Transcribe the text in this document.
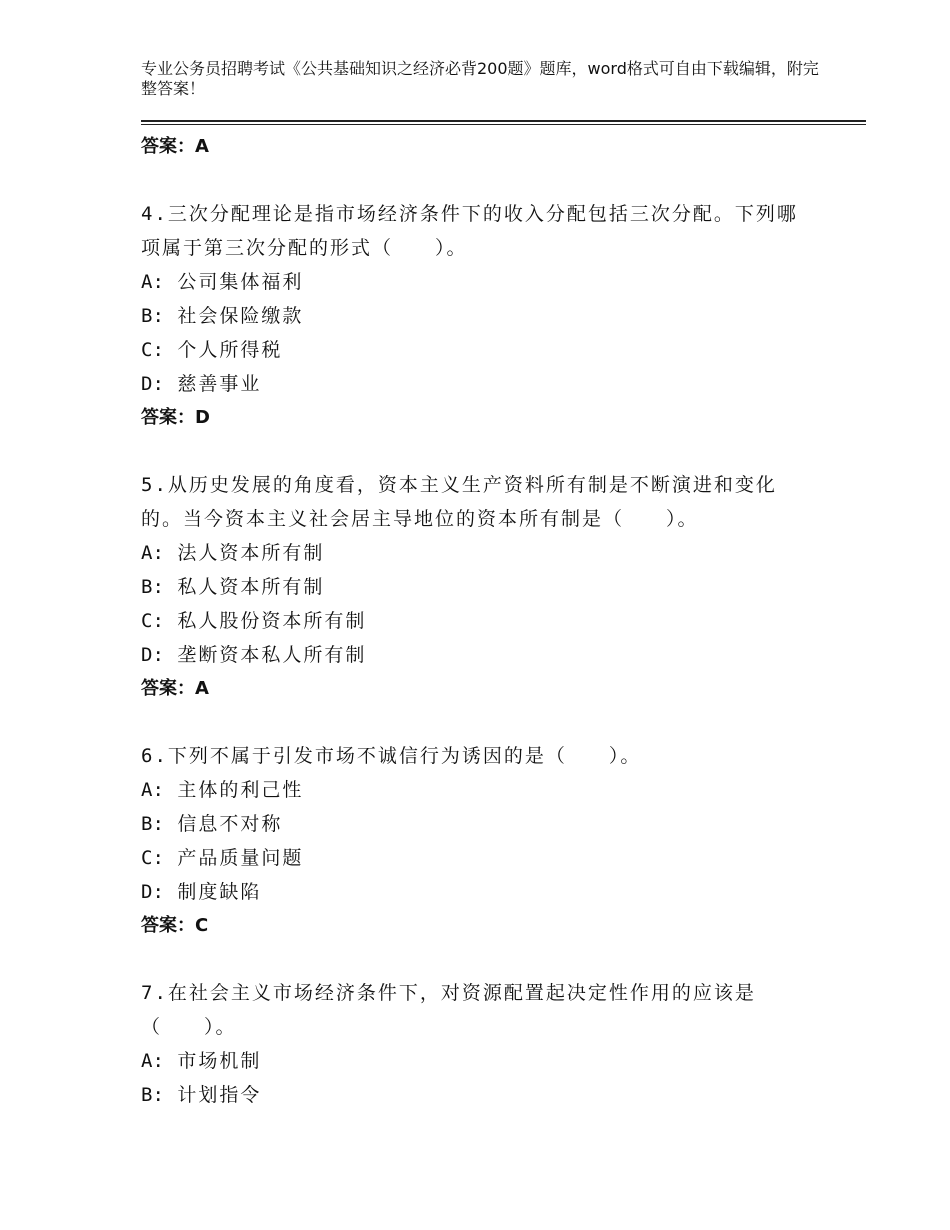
专业公务员招聘考试《公共基础知识之经济必背200题》题库，word格式可自由下载编辑，附完整答案！
答案：A
4.三次分配理论是指市场经济条件下的收入分配包括三次分配。下列哪项属于第三次分配的形式（　　）。
A: 公司集体福利
B: 社会保险缴款
C: 个人所得税
D: 慈善事业
答案：D
5.从历史发展的角度看，资本主义生产资料所有制是不断演进和变化的。当今资本主义社会居主导地位的资本所有制是（　　）。
A: 法人资本所有制
B: 私人资本所有制
C: 私人股份资本所有制
D: 垄断资本私人所有制
答案：A
6.下列不属于引发市场不诚信行为诱因的是（　　）。
A: 主体的利己性
B: 信息不对称
C: 产品质量问题
D: 制度缺陷
答案：C
7.在社会主义市场经济条件下，对资源配置起决定性作用的应该是（　　）。
A: 市场机制
B: 计划指令
